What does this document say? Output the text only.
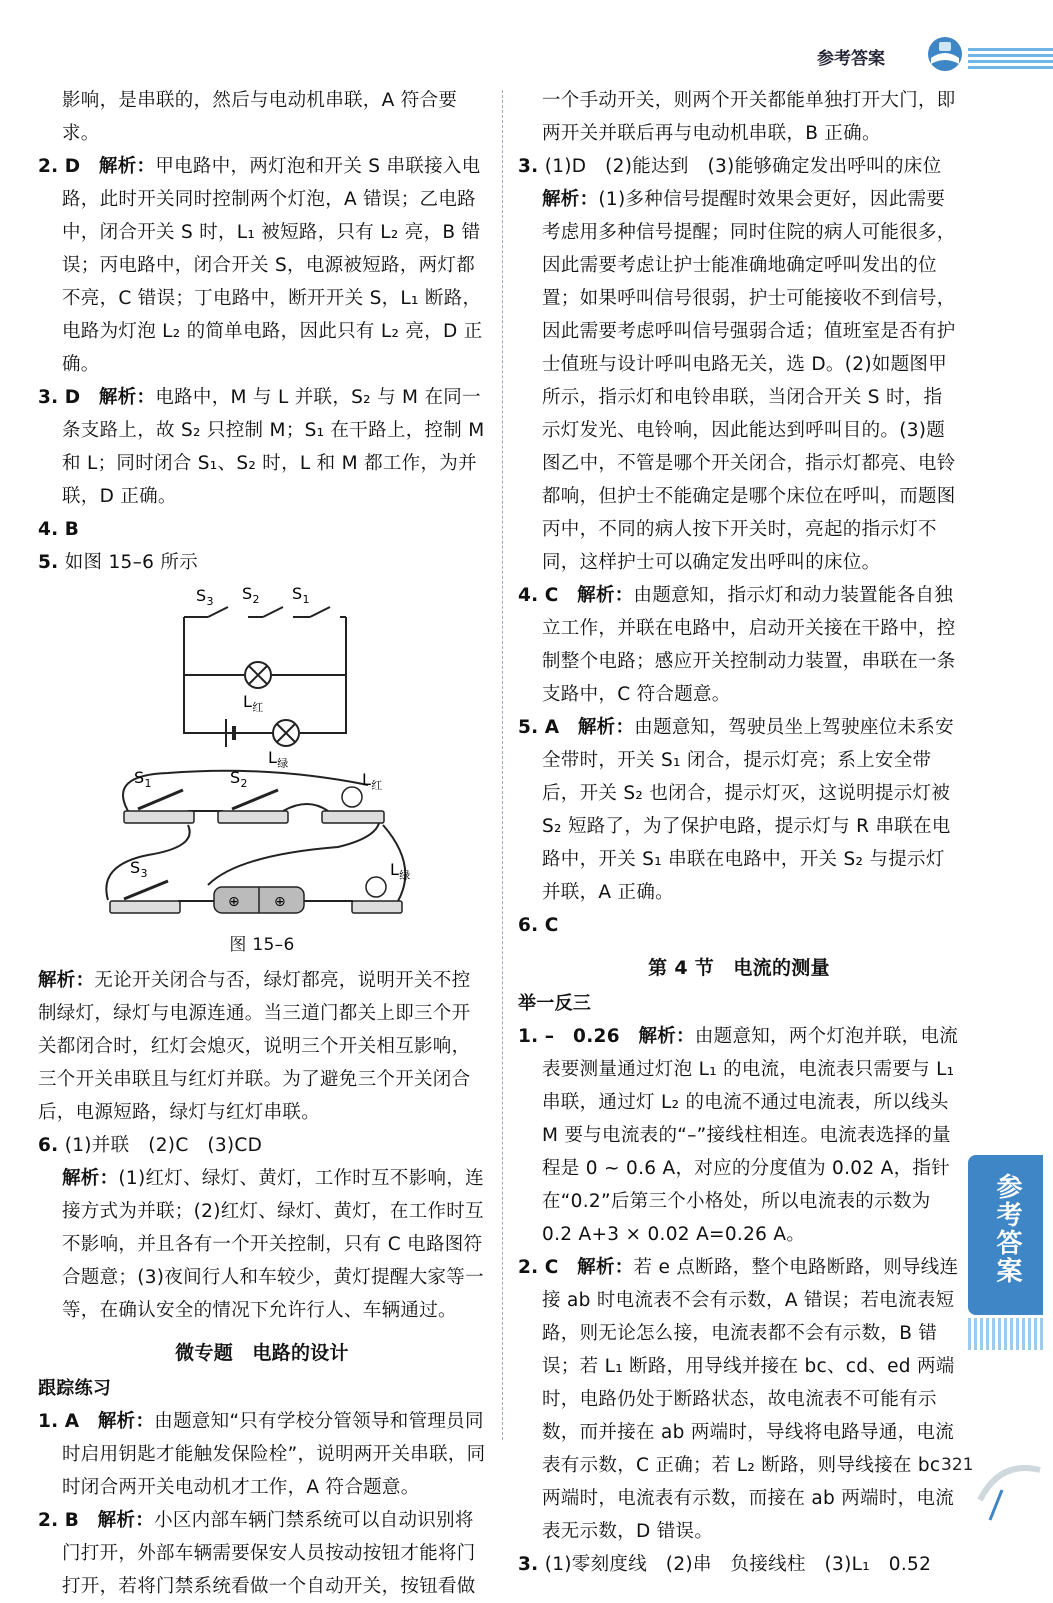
参考答案

影响，是串联的，然后与电动机串联，A 符合要求。

2. D 解析：甲电路中，两灯泡和开关 S 串联接入电路，此时开关同时控制两个灯泡，A 错误；乙电路中，闭合开关 S 时，L₁ 被短路，只有 L₂ 亮，B 错误；丙电路中，闭合开关 S，电源被短路，两灯都不亮，C 错误；丁电路中，断开开关 S，L₁ 断路，电路为灯泡 L₂ 的简单电路，因此只有 L₂ 亮，D 正确。

3. D 解析：电路中，M 与 L 并联，S₂ 与 M 在同一条支路上，故 S₂ 只控制 M；S₁ 在干路上，控制 M 和 L；同时闭合 S₁、S₂ 时，L 和 M 都工作，为并联，D 正确。

4. B

5. 如图 15–6 所示

$S_3$ $S_2$ $S_1$
$L_红$
$L_绿$
⊕ ⊕
$S_1$	$S_2$	$L_红$
$S_3$	$L_绿$

图 15–6

解析：无论开关闭合与否，绿灯都亮，说明开关不控制绿灯，绿灯与电源连通。当三道门都关上即三个开关都闭合时，红灯会熄灭，说明三个开关相互影响，三个开关串联且与红灯并联。为了避免三个开关闭合后，电源短路，绿灯与红灯串联。

6. (1)并联　(2)C　(3)CD

解析：(1)红灯、绿灯、黄灯，工作时互不影响，连接方式为并联；(2)红灯、绿灯、黄灯，在工作时互不影响，并且各有一个开关控制，只有 C 电路图符合题意；(3)夜间行人和车较少，黄灯提醒大家等一等，在确认安全的情况下允许行人、车辆通过。

微专题　电路的设计

跟踪练习

1. A 解析：由题意知“只有学校分管领导和管理员同时启用钥匙才能触发保险栓”，说明两开关串联，同时闭合两开关电动机才工作，A 符合题意。

2. B 解析：小区内部车辆门禁系统可以自动识别将门打开，外部车辆需要保安人员按动按钮才能将门打开，若将门禁系统看做一个自动开关，按钮看做

一个手动开关，则两个开关都能单独打开大门，即两开关并联后再与电动机串联，B 正确。

3. (1)D　(2)能达到　(3)能够确定发出呼叫的床位

解析：(1)多种信号提醒时效果会更好，因此需要考虑用多种信号提醒；同时住院的病人可能很多，因此需要考虑让护士能准确地确定呼叫发出的位置；如果呼叫信号很弱，护士可能接收不到信号，因此需要考虑呼叫信号强弱合适；值班室是否有护士值班与设计呼叫电路无关，选 D。(2)如题图甲所示，指示灯和电铃串联，当闭合开关 S 时，指示灯发光、电铃响，因此能达到呼叫目的。(3)题图乙中，不管是哪个开关闭合，指示灯都亮、电铃都响，但护士不能确定是哪个床位在呼叫，而题图丙中，不同的病人按下开关时，亮起的指示灯不同，这样护士可以确定发出呼叫的床位。

4. C 解析：由题意知，指示灯和动力装置能各自独立工作，并联在电路中，启动开关接在干路中，控制整个电路；感应开关控制动力装置，串联在一条支路中，C 符合题意。

5. A 解析：由题意知，驾驶员坐上驾驶座位未系安全带时，开关 S₁ 闭合，提示灯亮；系上安全带后，开关 S₂ 也闭合，提示灯灭，这说明提示灯被 S₂ 短路了，为了保护电路，提示灯与 R 串联在电路中，开关 S₁ 串联在电路中，开关 S₂ 与提示灯并联，A 正确。

6. C

第 4 节　电流的测量

举一反三

1. –　0.26 解析：由题意知，两个灯泡并联，电流表要测量通过灯泡 L₁ 的电流，电流表只需要与 L₁ 串联，通过灯 L₂ 的电流不通过电流表，所以线头 M 要与电流表的“–”接线柱相连。电流表选择的量程是 0 ~ 0.6 A，对应的分度值为 0.02 A，指针在“0.2”后第三个小格处，所以电流表的示数为 0.2 A+3 × 0.02 A=0.26 A。

2. C 解析：若 e 点断路，整个电路断路，则导线连接 ab 时电流表不会有示数，A 错误；若电流表短路，则无论怎么接，电流表都不会有示数，B 错误；若 L₁ 断路，用导线并接在 bc、cd、ed 两端时，电路仍处于断路状态，故电流表不可能有示数，而并接在 ab 两端时，导线将电路导通，电流表有示数，C 正确；若 L₂ 断路，则导线接在 bc 两端时，电流表有示数，而接在 ab 两端时，电流表无示数，D 错误。

3. (1)零刻度线　(2)串　负接线柱　(3)L₁　0.52

参考答案
321
